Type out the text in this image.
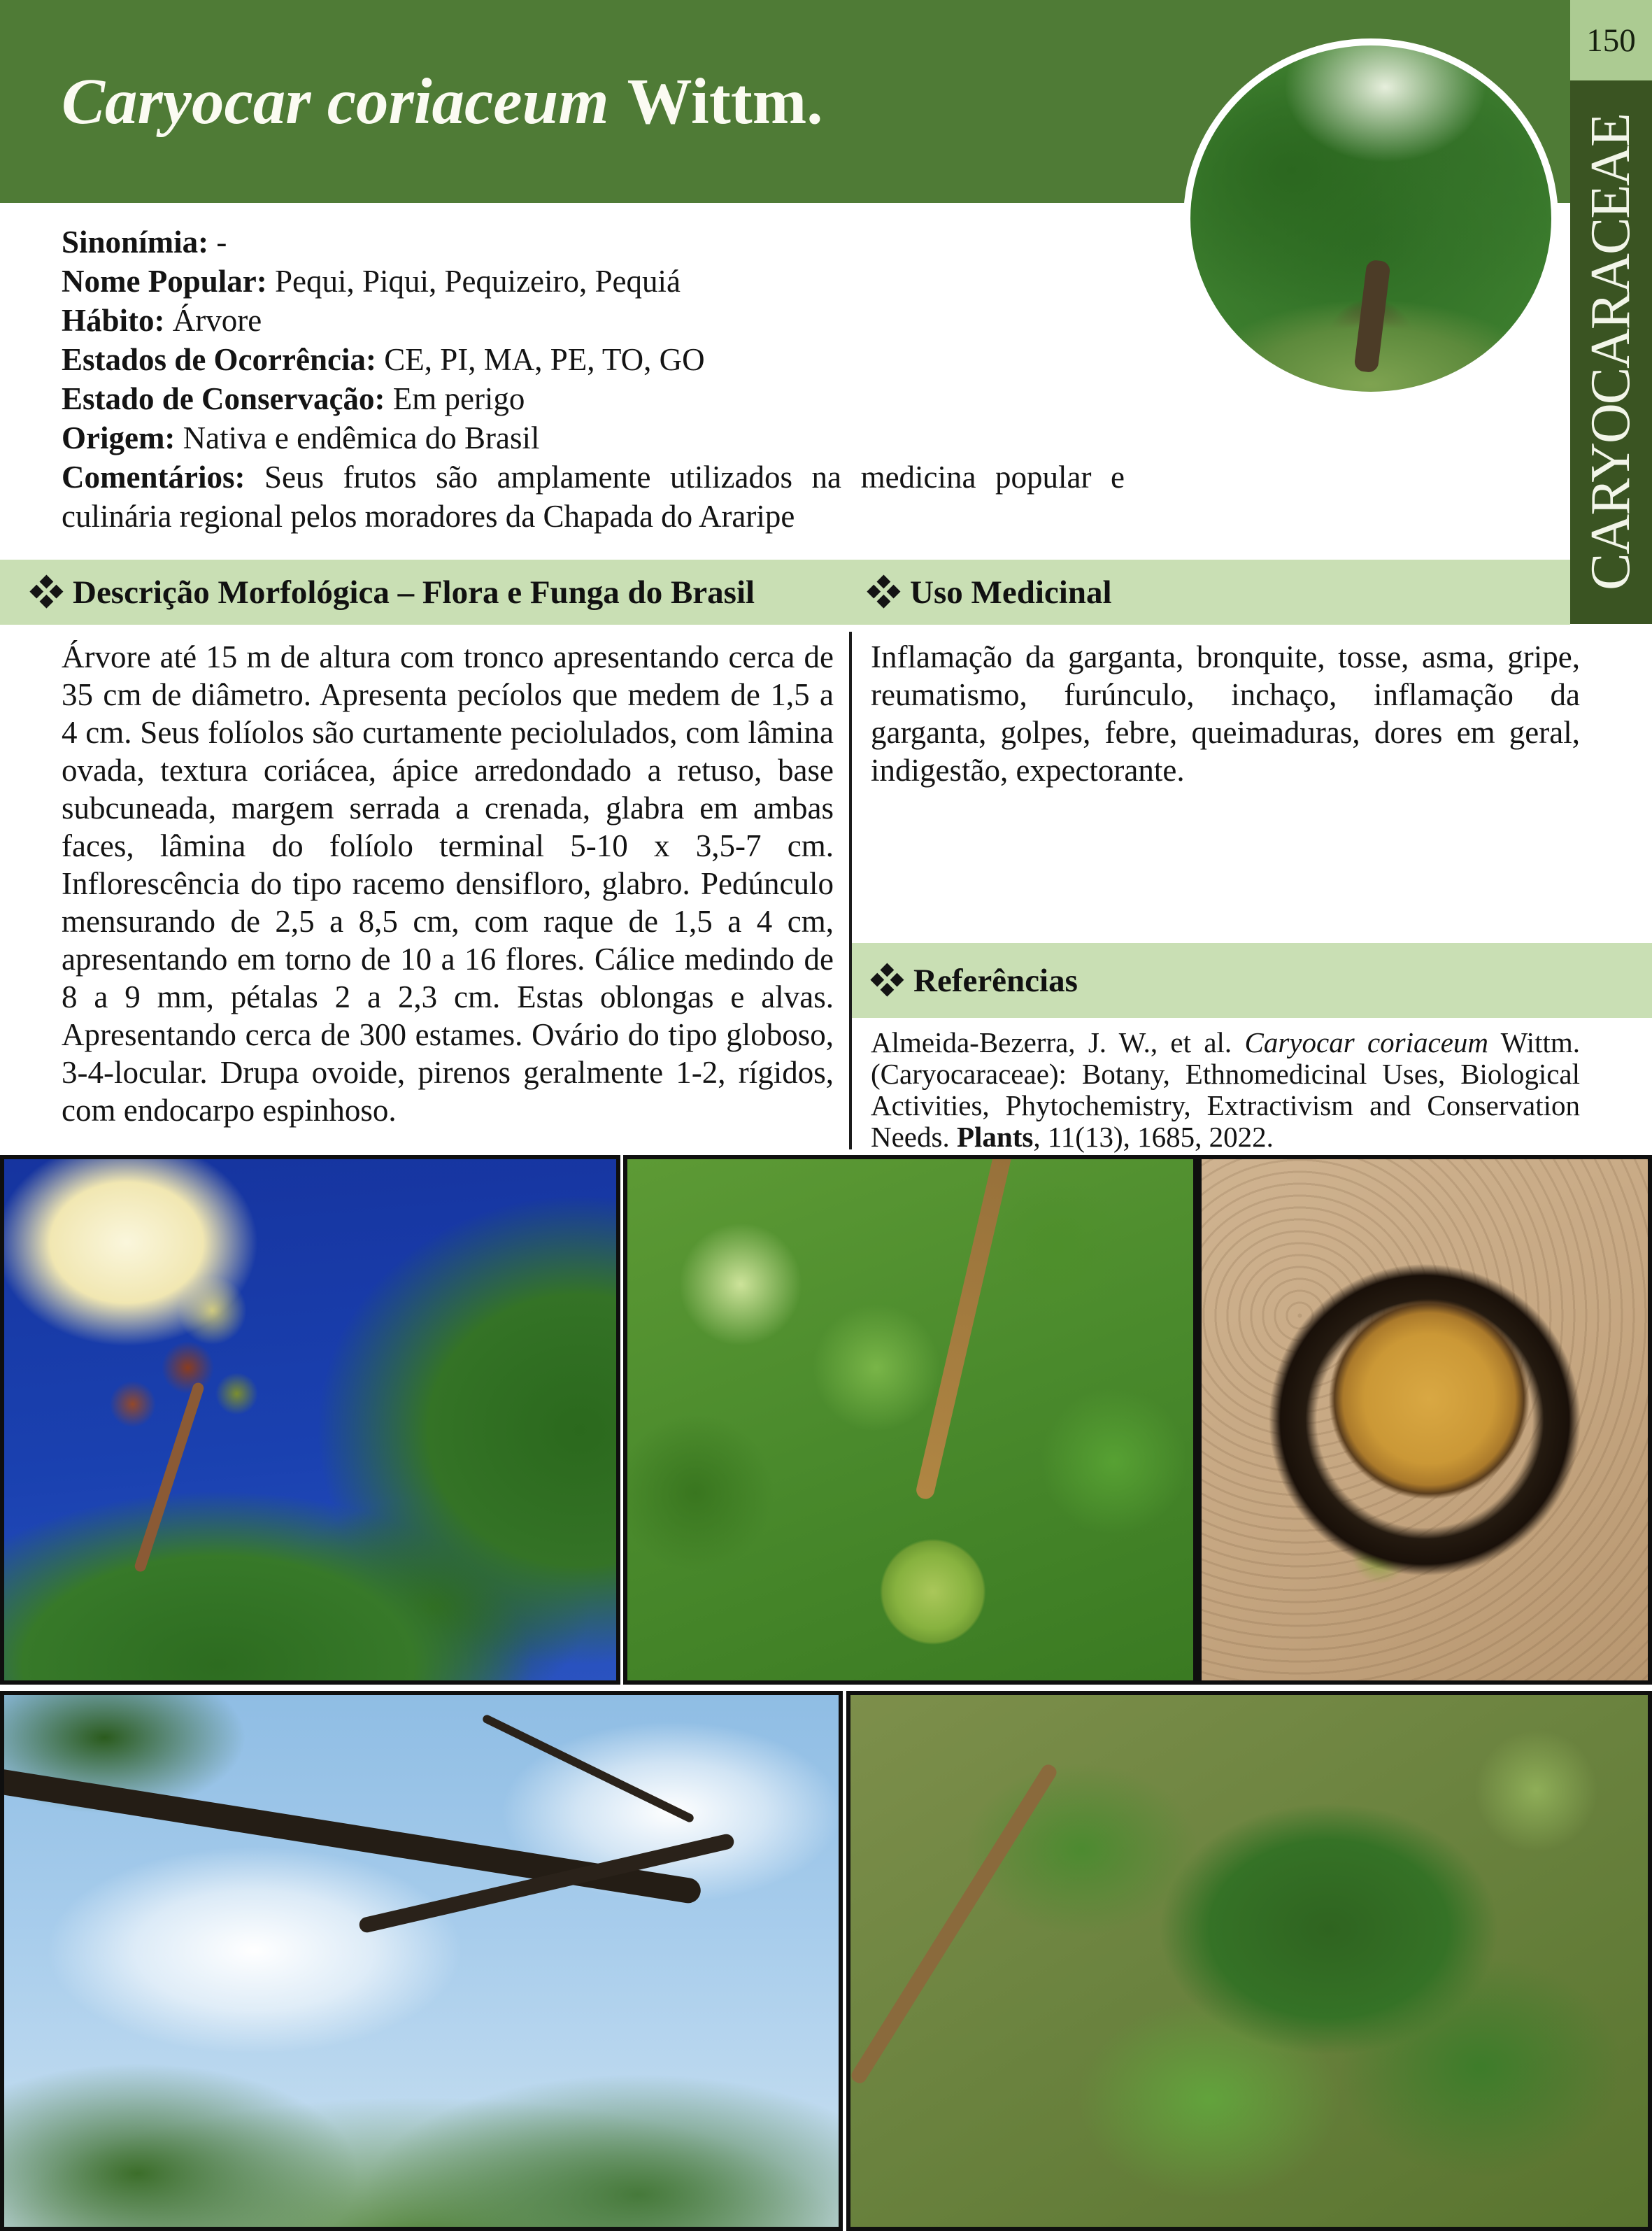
Caryocar coriaceum Wittm.
150
CARYOCARACEAE
Sinonímia: -
Nome Popular: Pequi, Piqui, Pequizeiro, Pequiá
Hábito: Árvore
Estados de Ocorrência: CE, PI, MA, PE, TO, GO
Estado de Conservação: Em perigo
Origem: Nativa e endêmica do Brasil
Comentários: Seus frutos são amplamente utilizados na medicina popular e culinária regional pelos moradores da Chapada do Araripe
Descrição Morfológica – Flora e Funga do Brasil	Uso Medicinal
Árvore até 15 m de altura com tronco apresentando cerca de 35 cm de diâmetro. Apresenta pecíolos que medem de 1,5 a 4 cm. Seus folíolos são curtamente peciolulados, com lâmina ovada, textura coriácea, ápice arredondado a retuso, base subcuneada, margem serrada a crenada, glabra em ambas faces, lâmina do folíolo terminal 5-10 x 3,5-7 cm. Inflorescência do tipo racemo densifloro, glabro. Pedúnculo mensurando de 2,5 a 8,5 cm, com raque de 1,5 a 4 cm, apresentando em torno de 10 a 16 flores. Cálice medindo de 8 a 9 mm, pétalas 2 a 2,3 cm. Estas oblongas e alvas. Apresentando cerca de 300 estames. Ovário do tipo globoso, 3-4-locular. Drupa ovoide, pirenos geralmente 1-2, rígidos, com endocarpo espinhoso.
Inflamação da garganta, bronquite, tosse, asma, gripe, reumatismo, furúnculo, inchaço, inflamação da garganta, golpes, febre, queimaduras, dores em geral, indigestão, expectorante.
Referências
Almeida-Bezerra, J. W., et al. Caryocar coriaceum Wittm.(Caryocaraceae): Botany, Ethnomedicinal Uses, Biological Activities, Phytochemistry, Extractivism and Conservation Needs. Plants, 11(13), 1685, 2022.
